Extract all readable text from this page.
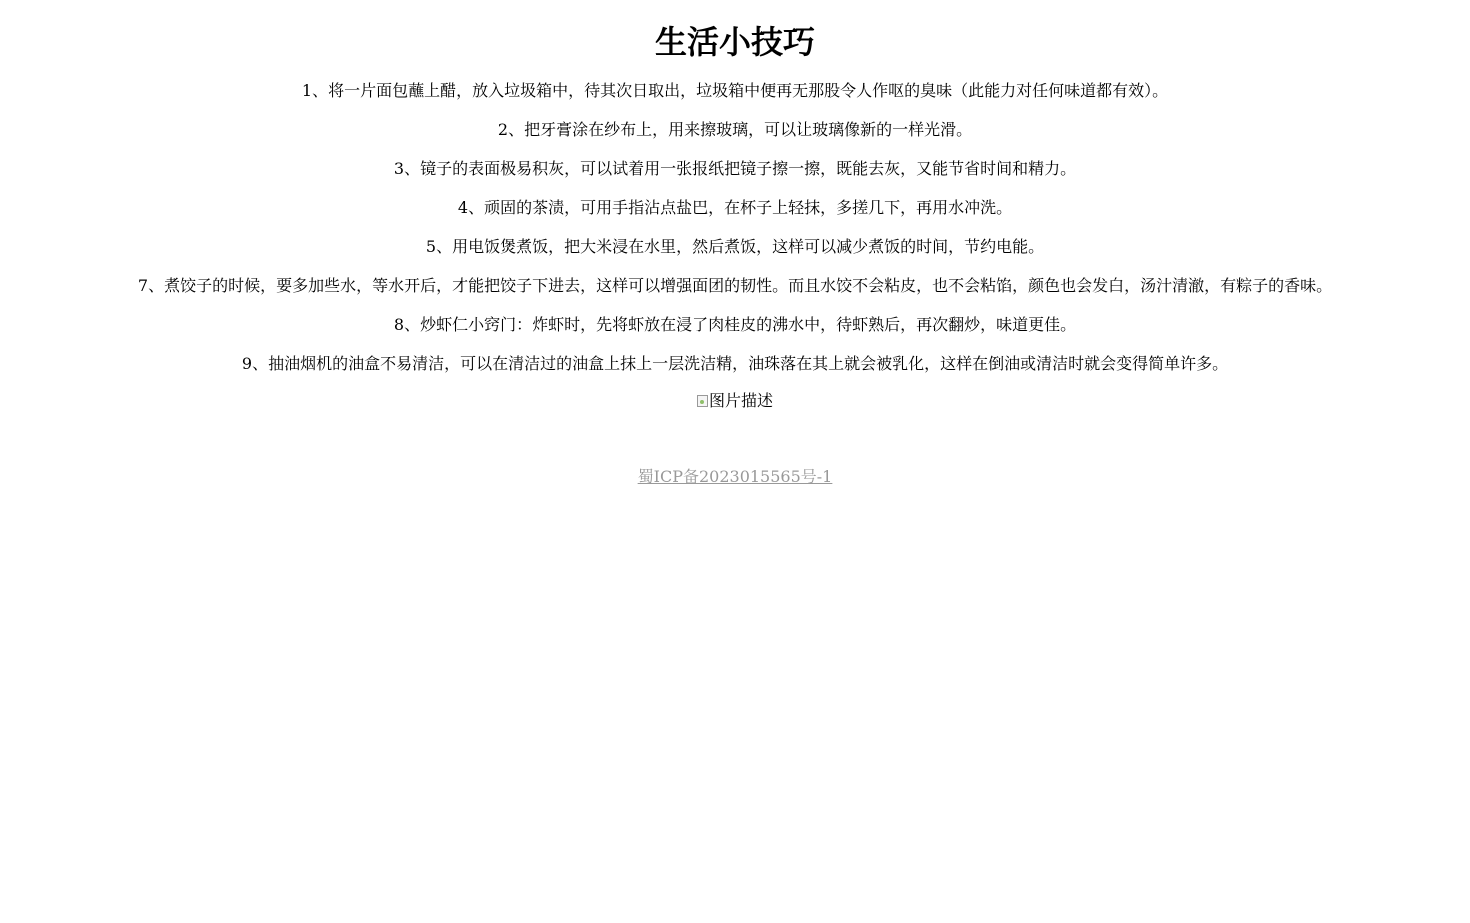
生活小技巧

1、将一片面包蘸上醋，放入垃圾箱中，待其次日取出，垃圾箱中便再无那股令人作呕的臭味（此能力对任何味道都有效）。

2、把牙膏涂在纱布上，用来擦玻璃，可以让玻璃像新的一样光滑。

3、镜子的表面极易积灰，可以试着用一张报纸把镜子擦一擦，既能去灰，又能节省时间和精力。

4、顽固的茶渍，可用手指沾点盐巴，在杯子上轻抹，多搓几下，再用水冲洗。

5、用电饭煲煮饭，把大米浸在水里，然后煮饭，这样可以减少煮饭的时间，节约电能。

7、煮饺子的时候，要多加些水，等水开后，才能把饺子下进去，这样可以增强面团的韧性。而且水饺不会粘皮，也不会粘馅，颜色也会发白，汤汁清澈，有粽子的香味。

8、炒虾仁小窍门：炸虾时，先将虾放在浸了肉桂皮的沸水中，待虾熟后，再次翻炒，味道更佳。

9、抽油烟机的油盒不易清洁，可以在清洁过的油盒上抹上一层洗洁精，油珠落在其上就会被乳化，这样在倒油或清洁时就会变得简单许多。

图片描述
蜀ICP备2023015565号-1
